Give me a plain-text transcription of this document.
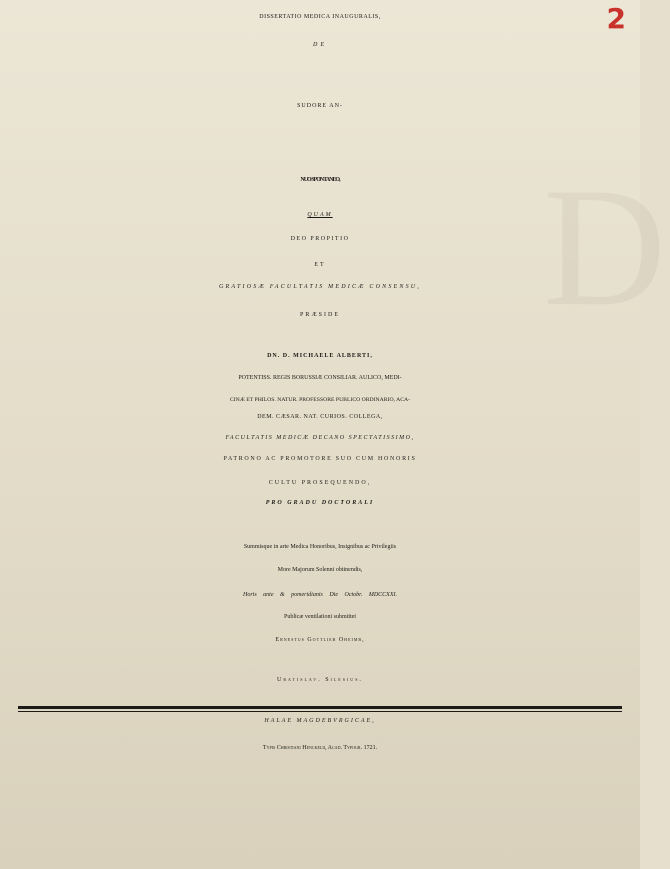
D
2
DISSERTATIO MEDICA INAUGURALIS,
DE
SUDORE AN-
NUO SPONTANEO,
QUAM
DEO PROPITIO
ET
GRATIOSÆ FACULTATIS MEDICÆ CONSENSU,
PRÆSIDE
DN. D. MICHAELE ALBERTI,
POTENTISS. REGIS BORUSSIÆ CONSILIAR. AULICO, MEDI-
CINÆ ET PHILOS. NATUR. PROFESSORE PUBLICO ORDINARIO, ACA-
DEM. CÆSAR. NAT. CURIOS. COLLEGA,
FACULTATIS MEDICÆ DECANO SPECTATISSIMO,
PATRONO AC PROMOTORE SUO CUM HONORIS
CULTU PROSEQUENDO,
PRO GRADU DOCTORALI
Summisque in arte Medica Honoribus, Insignibus ac Privilegiis
More Majorum Solenni obtinendis,
Horis ante & pomeridianis Die Octobr. MDCCXXI.
Publicæ ventilationi submittet
Ernestus Gottlieb Oheimb,
Uratislav. Silesius.
HALAE MAGDEBVRGICAE,
Typis Christiani Henckelii, Acad. Typogr. 1721.
